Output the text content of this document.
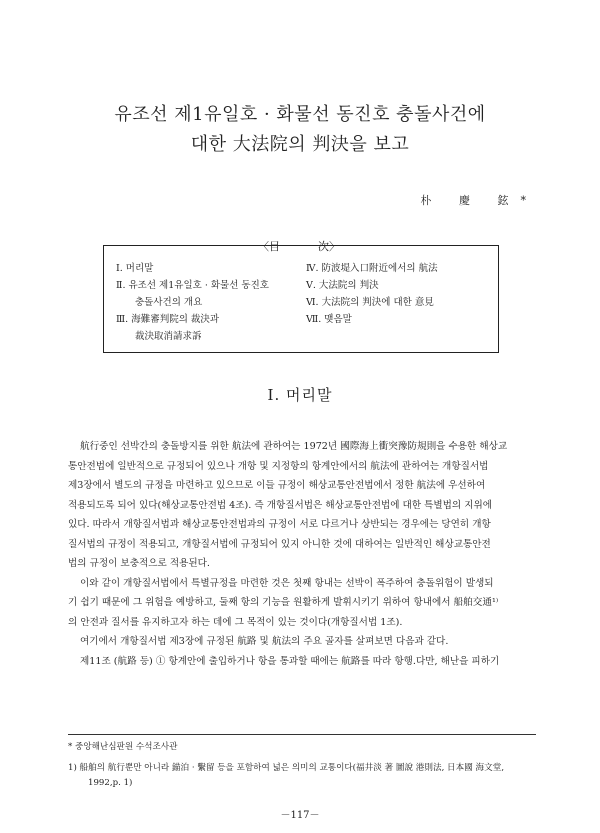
유조선 제1유일호 · 화물선 동진호 충돌사건에
대한 大法院의 判決을 보고
朴 慶 鉉*
〈目	次〉
Ⅰ. 머리말
Ⅱ. 유조선 제1유일호 · 화물선 동진호
충돌사건의 개요
Ⅲ. 海難審判院의 裁決과
裁決取消請求訴
Ⅳ. 防波堤入口附近에서의 航法
Ⅴ. 大法院의 判決
Ⅵ. 大法院의 判決에 대한 意見
Ⅶ. 맺음말
Ⅰ. 머리말
航行중인 선박간의 충돌방지를 위한 航法에 관하여는 1972년 國際海上衝突豫防規則을 수용한 해상교
통안전법에 일반적으로 규정되어 있으나 개항 및 지정항의 항계안에서의 航法에 관하여는 개항질서법
제3장에서 별도의 규정을 마련하고 있으므로 이들 규정이 해상교통안전법에서 정한 航法에 우선하여
적용되도록 되어 있다(해상교통안전법 4조). 즉 개항질서법은 해상교통안전법에 대한 특별법의 지위에
있다. 따라서 개항질서법과 해상교통안전법과의 규정이 서로 다르거나 상반되는 경우에는 당연히 개항
질서법의 규정이 적용되고, 개항질서법에 규정되어 있지 아니한 것에 대하여는 일반적인 해상교통안전
법의 규정이 보충적으로 적용된다.
이와 같이 개항질서법에서 특별규정을 마련한 것은 첫째 항내는 선박이 폭주하여 충돌위험이 발생되
기 쉽기 때문에 그 위험을 예방하고, 둘째 항의 기능을 원활하게 발휘시키기 위하여 항내에서 船舶交通¹⁾
의 안전과 질서를 유지하고자 하는 데에 그 목적이 있는 것이다(개항질서법 1조).
여기에서 개항질서법 제3장에 규정된 航路 및 航法의 주요 골자를 살펴보면 다음과 같다.
제11조 (航路 등) ① 항계안에 출입하거나 항을 통과할 때에는 航路를 따라 항행.다만, 해난을 피하기
* 중앙해난심판원 수석조사관
1) 船舶의 航行뿐만 아니라 錨泊 · 繫留 등을 포함하여 넓은 의미의 교통이다(福井淡 著 圖說 港則法, 日本國 海文堂,
1992,p. 1)
－117－
